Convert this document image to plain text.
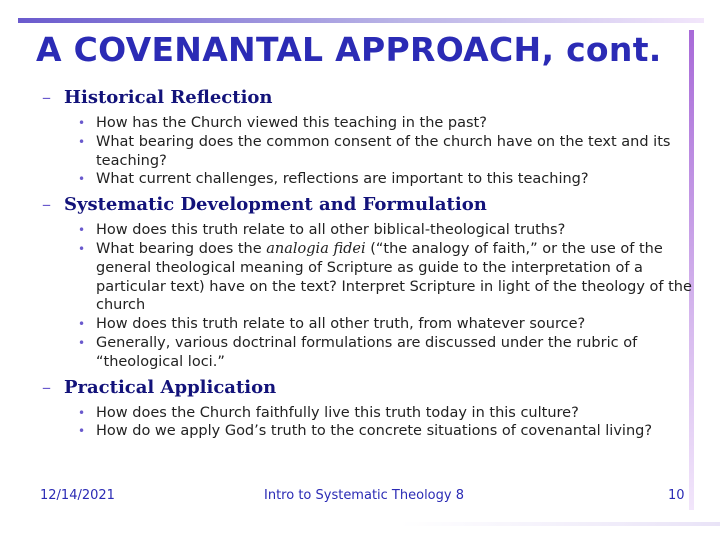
A COVENANTAL APPROACH, cont.
– Historical Reflection
• How has the Church viewed this teaching in the past?
• What bearing does the common consent of the church have on the text and its teaching?
• What current challenges, reflections are important to this teaching?
– Systematic Development and Formulation
• How does this truth relate to all other biblical-theological truths?
• What bearing does the analogia fidei (“the analogy of faith,” or the use of the general theological meaning of Scripture as guide to the interpretation of a particular text) have on the text? Interpret Scripture in light of the theology of the church
• How does this truth relate to all other truth, from whatever source?
• Generally, various doctrinal formulations are discussed under the rubric of “theological loci.”
– Practical Application
• How does the Church faithfully live this truth today in this culture?
• How do we apply God’s truth to the concrete situations of covenantal living?
12/14/2021	Intro to Systematic Theology 8	10
